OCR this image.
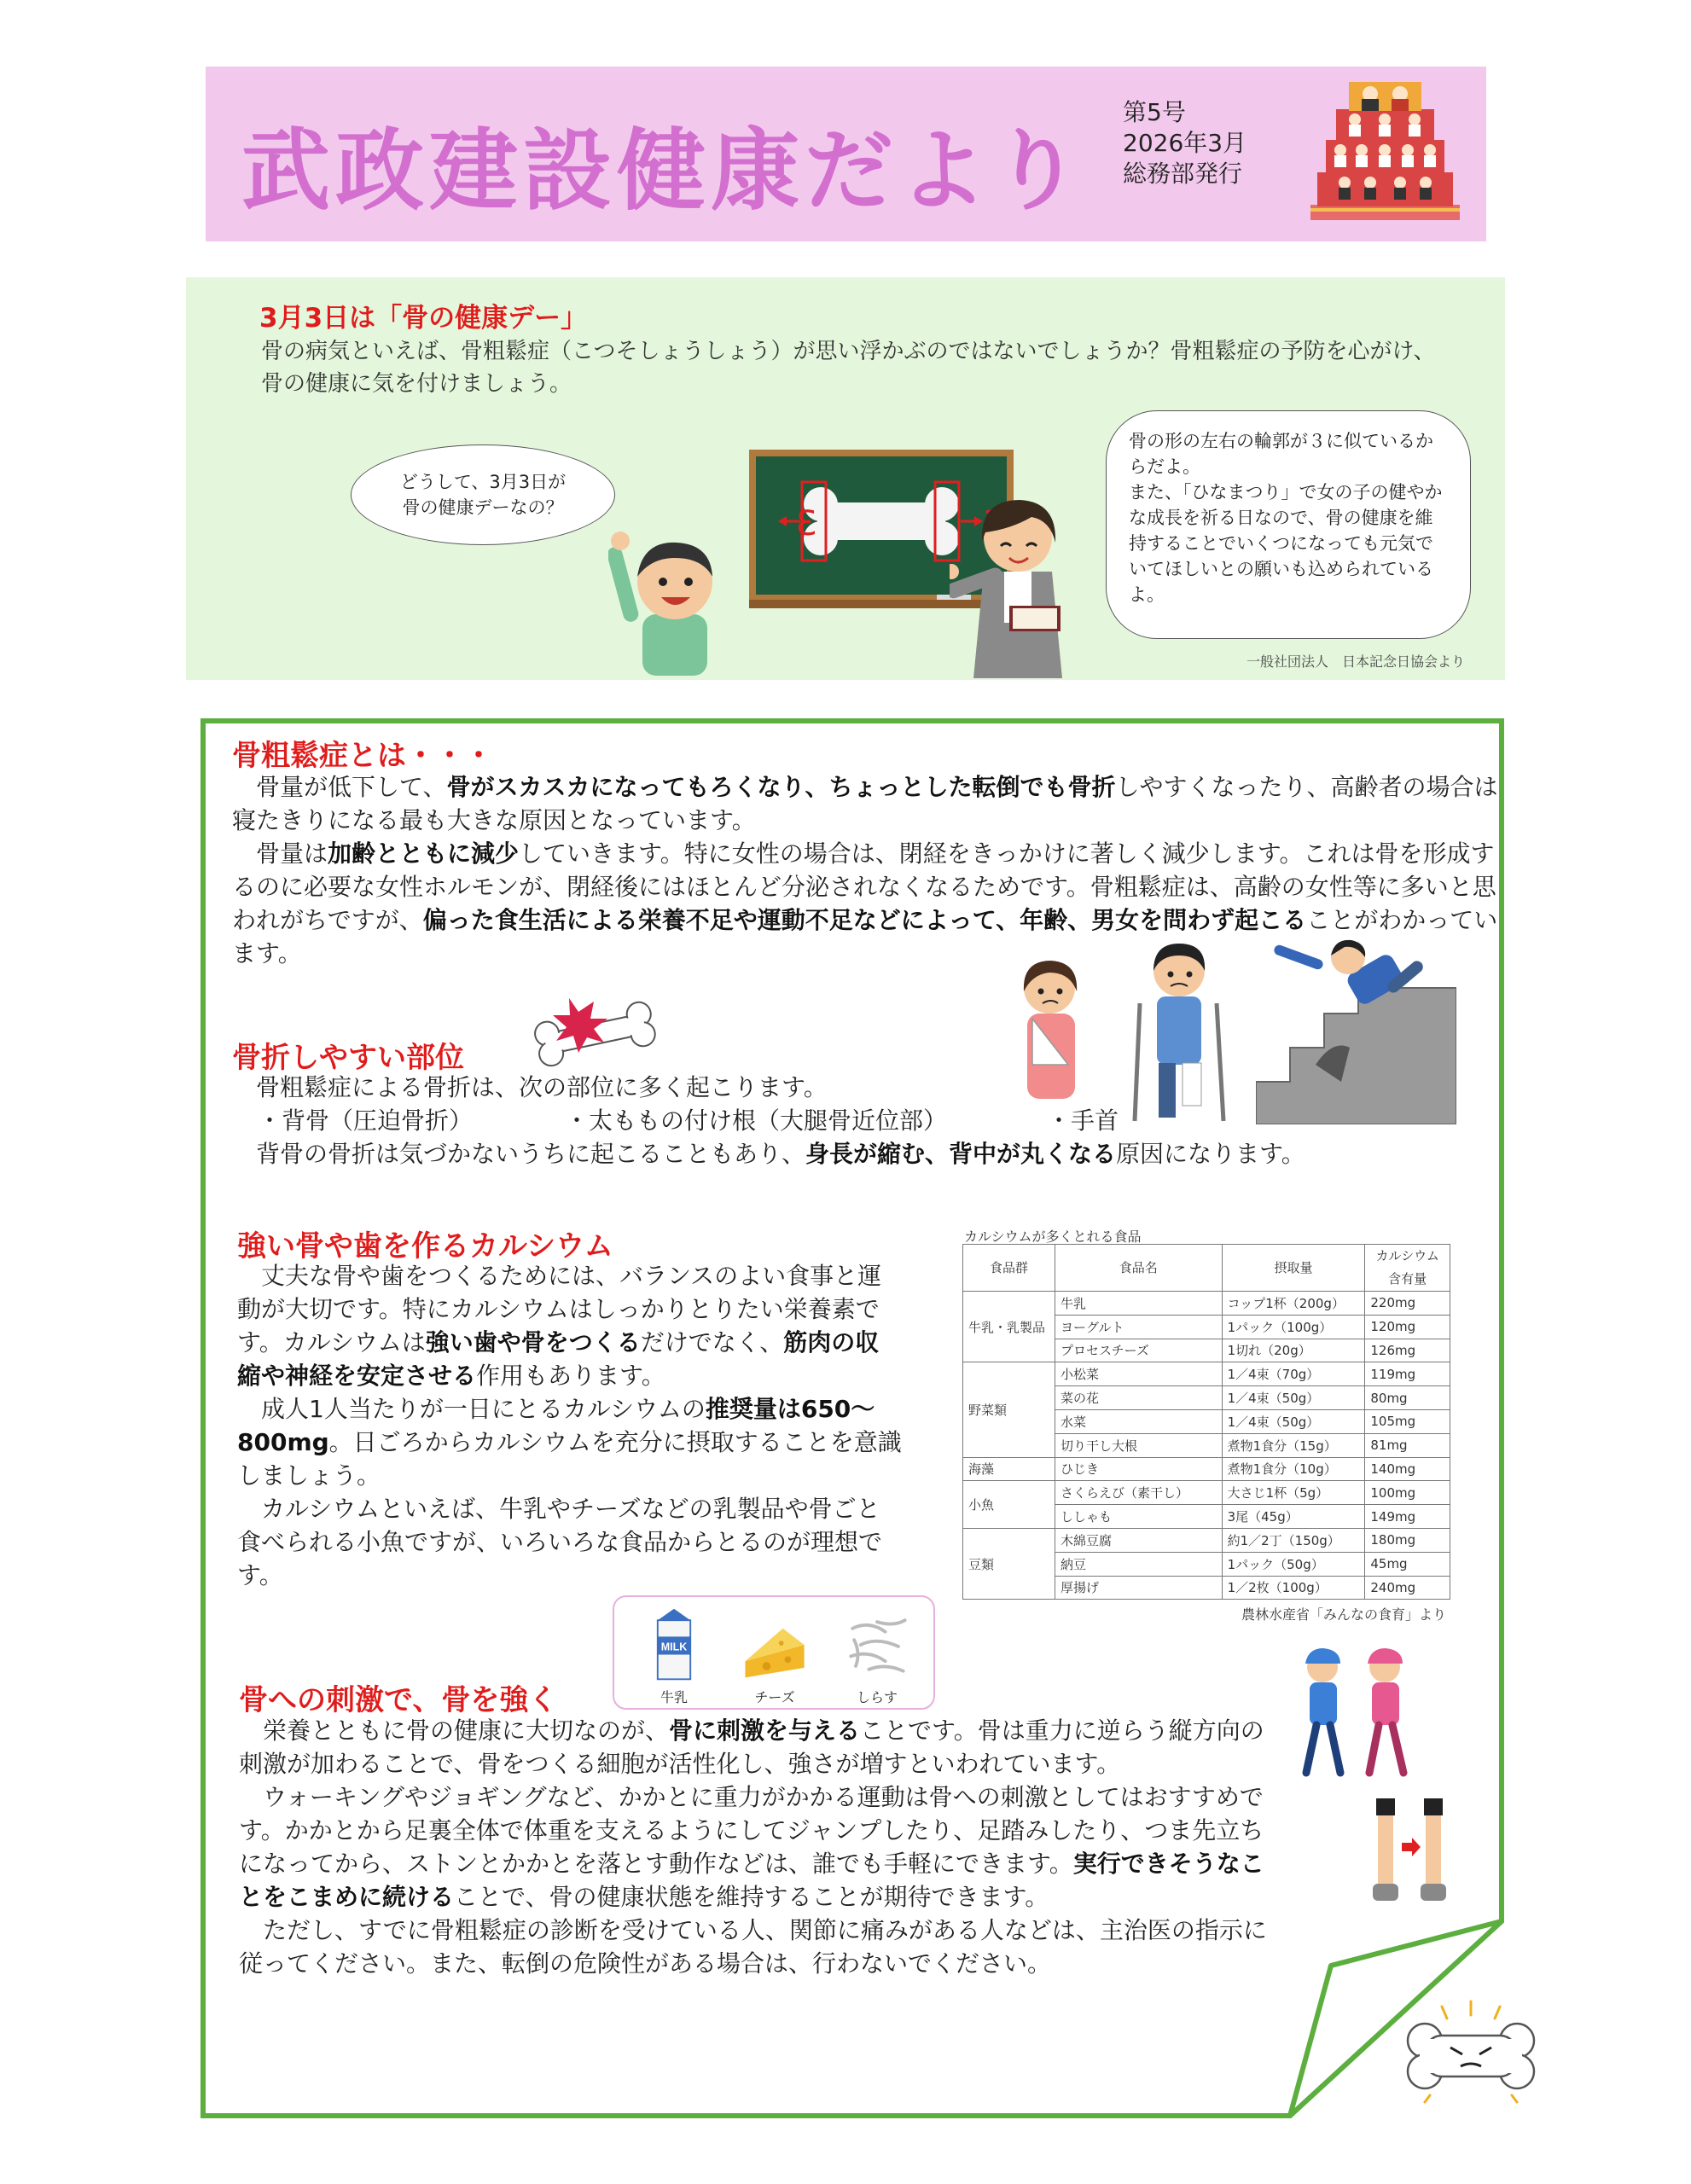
武政建設健康だより
第5号
2026年3月
総務部発行
3月3日は「骨の健康デー」
骨の病気といえば、骨粗鬆症（こつそしょうしょう）が思い浮かぶのではないでしょうか？骨粗鬆症の予防を心がけ、骨の健康に気を付けましょう。
どうして、3月3日が
骨の健康デーなの？	3
骨の形の左右の輪郭が３に似ているからだよ。
また、「ひなまつり」で女の子の健やかな成長を祈る日なので、骨の健康を維持することでいくつになっても元気でいてほしいとの願いも込められているよ。
一般社団法人　日本記念日協会より
骨粗鬆症とは・・・
　骨量が低下して、骨がスカスカになってもろくなり、ちょっとした転倒でも骨折しやすくなったり、高齢者の場合は寝たきりになる最も大きな原因となっています。
　骨量は加齢とともに減少していきます。特に女性の場合は、閉経をきっかけに著しく減少します。これは骨を形成するのに必要な女性ホルモンが、閉経後にはほとんど分泌されなくなるためです。骨粗鬆症は、高齢の女性等に多いと思われがちですが、偏った食生活による栄養不足や運動不足などによって、年齢、男女を問わず起こることがわかっています。
骨折しやすい部位
　骨粗鬆症による骨折は、次の部位に多く起こります。
・背骨（圧迫骨折）	・太ももの付け根（大腿骨近位部）	・手首
　背骨の骨折は気づかないうちに起こることもあり、身長が縮む、背中が丸くなる原因になります。
強い骨や歯を作るカルシウム
　丈夫な骨や歯をつくるためには、バランスのよい食事と運動が大切です。特にカルシウムはしっかりとりたい栄養素です。カルシウムは強い歯や骨をつくるだけでなく、筋肉の収縮や神経を安定させる作用もあります。
　成人1人当たりが一日にとるカルシウムの推奨量は650〜800mg。日ごろからカルシウムを充分に摂取することを意識しましょう。
　カルシウムといえば、牛乳やチーズなどの乳製品や骨ごと食べられる小魚ですが、いろいろな食品からとるのが理想です。
MILK
牛乳	チーズ	しらす
カルシウムが多くとれる食品
食品群	食品名	摂取量	カルシウム含有量
牛乳・乳製品	牛乳	コップ1杯（200g）	220mg
	ヨーグルト	1パック（100g）	120mg
	プロセスチーズ	1切れ（20g）	126mg
野菜類	小松菜	1／4束（70g）	119mg
	菜の花	1／4束（50g）	80mg
	水菜	1／4束（50g）	105mg
	切り干し大根	煮物1食分（15g）	81mg
海藻	ひじき	煮物1食分（10g）	140mg
小魚	さくらえび（素干し）	大さじ1杯（5g）	100mg
	ししゃも	3尾（45g）	149mg
豆類	木綿豆腐	約1／2丁（150g）	180mg
	納豆	1パック（50g）	45mg
	厚揚げ	1／2枚（100g）	240mg
農林水産省「みんなの食育」より
骨への刺激で、骨を強く
　栄養とともに骨の健康に大切なのが、骨に刺激を与えることです。骨は重力に逆らう縦方向の刺激が加わることで、骨をつくる細胞が活性化し、強さが増すといわれています。
　ウォーキングやジョギングなど、かかとに重力がかかる運動は骨への刺激としてはおすすめです。かかとから足裏全体で体重を支えるようにしてジャンプしたり、足踏みしたり、つま先立ちになってから、ストンとかかとを落とす動作などは、誰でも手軽にできます。実行できそうなことをこまめに続けることで、骨の健康状態を維持することが期待できます。
　ただし、すでに骨粗鬆症の診断を受けている人、関節に痛みがある人などは、主治医の指示に従ってください。また、転倒の危険性がある場合は、行わないでください。
